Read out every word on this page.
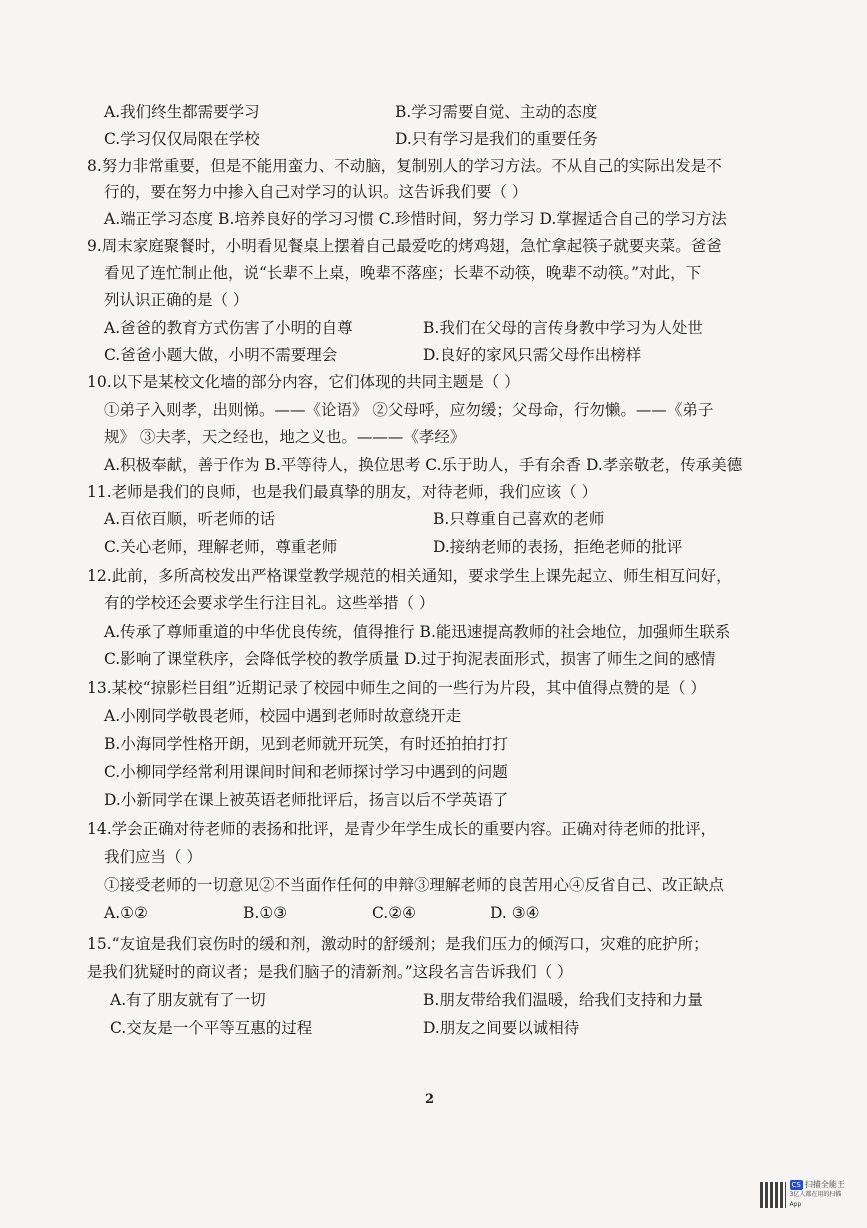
A.我们终生都需要学习	B.学习需要自觉、主动的态度
C.学习仅仅局限在学校	D.只有学习是我们的重要任务
8.努力非常重要，但是不能用蛮力、不动脑，复制别人的学习方法。不从自己的实际出发是不
行的，要在努力中掺入自己对学习的认识。这告诉我们要（ ）
A.端正学习态度 B.培养良好的学习习惯 C.珍惜时间，努力学习 D.掌握适合自己的学习方法
9.周末家庭聚餐时，小明看见餐桌上摆着自己最爱吃的烤鸡翅，急忙拿起筷子就要夹菜。爸爸
看见了连忙制止他，说“长辈不上桌，晚辈不落座；长辈不动筷，晚辈不动筷。”对此，下
列认识正确的是（ ）
A.爸爸的教育方式伤害了小明的自尊	B.我们在父母的言传身教中学习为人处世
C.爸爸小题大做，小明不需要理会	D.良好的家风只需父母作出榜样
10.以下是某校文化墙的部分内容，它们体现的共同主题是（ ）
①弟子入则孝，出则悌。——《论语》 ②父母呼，应勿缓；父母命，行勿懒。——《弟子
规》 ③夫孝，天之经也，地之义也。———《孝经》
A.积极奉献，善于作为 B.平等待人，换位思考 C.乐于助人，手有余香 D.孝亲敬老，传承美德
11.老师是我们的良师，也是我们最真挚的朋友，对待老师，我们应该（ ）
A.百依百顺，听老师的话	B.只尊重自己喜欢的老师
C.关心老师，理解老师，尊重老师	D.接纳老师的表扬，拒绝老师的批评
12.此前，多所高校发出严格课堂教学规范的相关通知，要求学生上课先起立、师生相互问好，
有的学校还会要求学生行注目礼。这些举措（ ）
A.传承了尊师重道的中华优良传统，值得推行 B.能迅速提高教师的社会地位，加强师生联系
C.影响了课堂秩序，会降低学校的教学质量 D.过于拘泥表面形式，损害了师生之间的感情
13.某校“掠影栏目组”近期记录了校园中师生之间的一些行为片段，其中值得点赞的是（ ）
A.小刚同学敬畏老师，校园中遇到老师时故意绕开走
B.小海同学性格开朗，见到老师就开玩笑，有时还拍拍打打
C.小柳同学经常利用课间时间和老师探讨学习中遇到的问题
D.小新同学在课上被英语老师批评后，扬言以后不学英语了
14.学会正确对待老师的表扬和批评，是青少年学生成长的重要内容。正确对待老师的批评，
我们应当（ ）
①接受老师的一切意见②不当面作任何的申辩③理解老师的良苦用心④反省自己、改正缺点
A.①②	B.①③	C.②④	D. ③④
15.“友谊是我们哀伤时的缓和剂，激动时的舒缓剂；是我们压力的倾泻口，灾难的庇护所；
是我们犹疑时的商议者；是我们脑子的清新剂。”这段名言告诉我们（ ）
A.有了朋友就有了一切	B.朋友带给我们温暖，给我们支持和力量
C.交友是一个平等互惠的过程	D.朋友之间要以诚相待
2
CS 扫描全能王
3亿人都在用的扫描App
